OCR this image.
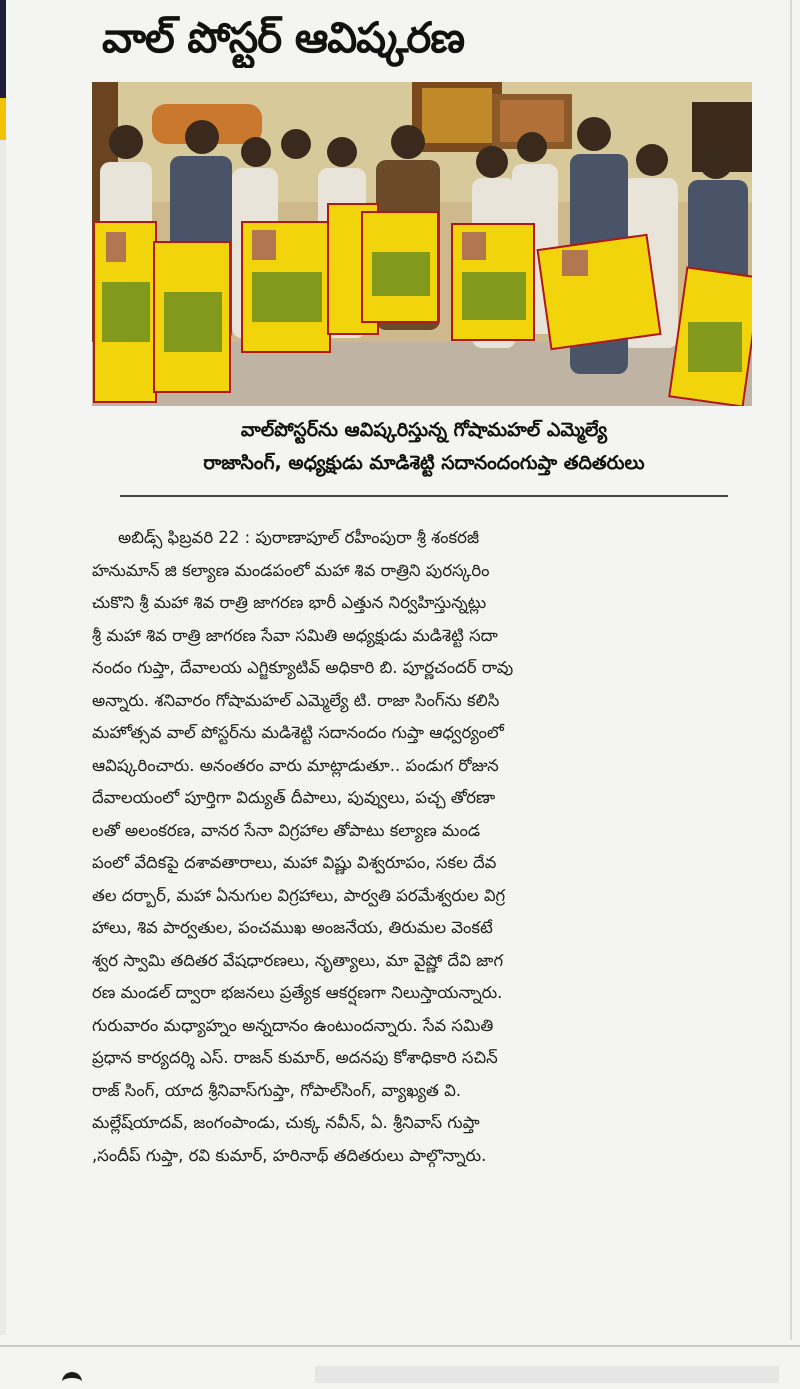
వాల్ పోస్టర్ ఆవిష్కరణ
వాల్‌పోస్టర్‌ను ఆవిష్కరిస్తున్న గోషామహల్ ఎమ్మెల్యే
రాజాసింగ్, అధ్యక్షుడు మాడిశెట్టి సదానందంగుప్తా తదితరులు
అబిడ్స్ ఫిబ్రవరి 22 : పురాణాపూల్ రహీంపురా శ్రీ శంకరజీ
హనుమాన్ జి కల్యాణ మండపంలో మహా శివ రాత్రిని పురస్కరిం
చుకొని శ్రీ మహా శివ రాత్రి జాగరణ భారీ ఎత్తున నిర్వహిస్తున్నట్లు
శ్రీ మహా శివ రాత్రి జాగరణ సేవా సమితి అధ్యక్షుడు మడిశెట్టి సదా
నందం గుప్తా, దేవాలయ ఎగ్జిక్యూటివ్ అధికారి బి. పూర్ణచందర్ రావు
అన్నారు. శనివారం గోషామహల్ ఎమ్మెల్యే టి. రాజా సింగ్‌ను కలిసి
మహోత్సవ వాల్ పోస్టర్‌ను మడిశెట్టి సదానందం గుప్తా ఆధ్వర్యంలో
ఆవిష్కరించారు. అనంతరం వారు మాట్లాడుతూ.. పండుగ రోజున
దేవాలయంలో పూర్తిగా విద్యుత్ దీపాలు, పువ్వులు, పచ్చ తోరణా
లతో అలంకరణ, వానర సేనా విగ్రహాల తోపాటు కల్యాణ మండ
పంలో వేదికపై దశావతారాలు, మహా విష్ణు విశ్వరూపం, సకల దేవ
తల దర్బార్, మహా ఏనుగుల విగ్రహాలు, పార్వతి పరమేశ్వరుల విగ్ర
హాలు, శివ పార్వతుల, పంచముఖ అంజనేయ, తిరుమల వెంకటే
శ్వర స్వామి తదితర వేషధారణలు, నృత్యాలు, మా వైష్ణో దేవి జాగ
రణ మండల్ ద్వారా భజనలు ప్రత్యేక ఆకర్షణగా నిలుస్తాయన్నారు.
గురువారం మధ్యాహ్నం అన్నదానం ఉంటుందన్నారు. సేవ సమితి
ప్రధాన కార్యదర్శి ఎస్. రాజన్ కుమార్, అదనపు కోశాధికారి సచిన్
రాజ్ సింగ్, యాద శ్రీనివాస్‌గుప్తా, గోపాల్‌సింగ్, వ్యాఖ్యత వి.
మల్లేష్‌యాదవ్, జంగంపాండు, చుక్క నవీన్, ఏ. శ్రీనివాస్ గుప్తా
,సందీప్ గుప్తా, రవి కుమార్, హరినాథ్ తదితరులు పాల్గొన్నారు.
